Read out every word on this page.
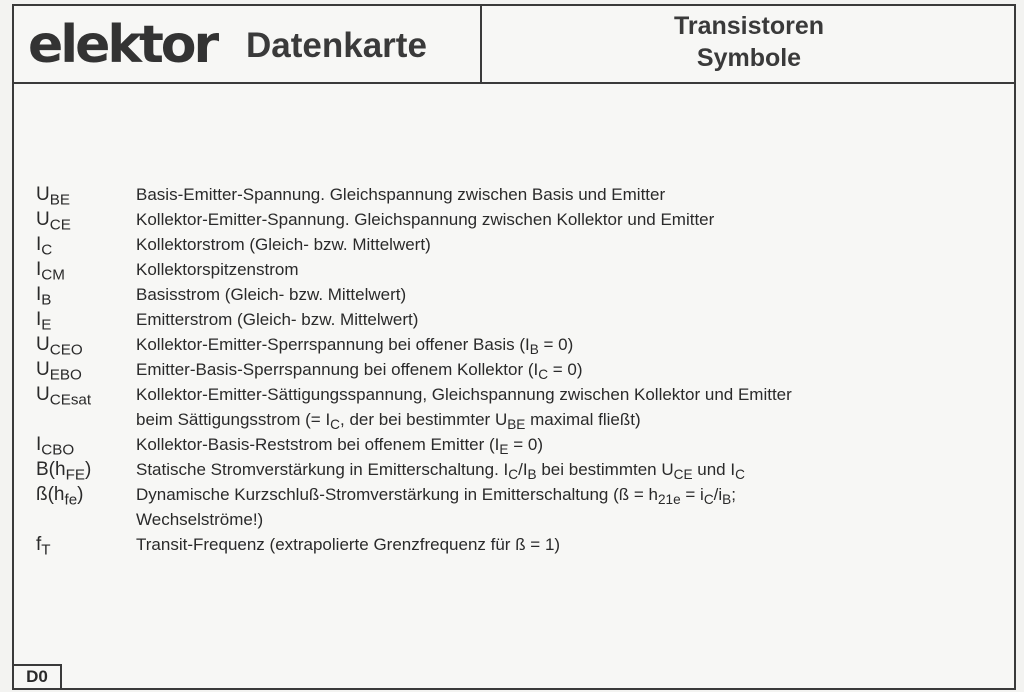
elektor Datenkarte	Transistoren
Symbole
$U_{BE}$	Basis-Emitter-Spannung. Gleichspannung zwischen Basis und Emitter
$U_{CE}$	Kollektor-Emitter-Spannung. Gleichspannung zwischen Kollektor und Emitter
$I_C$	Kollektorstrom (Gleich- bzw. Mittelwert)
$I_{CM}$	Kollektorspitzenstrom
$I_B$	Basisstrom (Gleich- bzw. Mittelwert)
$I_E$	Emitterstrom (Gleich- bzw. Mittelwert)
$U_{CEO}$	Kollektor-Emitter-Sperrspannung bei offener Basis $(I_B = 0)$
$U_{EBO}$	Emitter-Basis-Sperrspannung bei offenem Kollektor $(I_C = 0)$
$U_{CEsat}$	Kollektor-Emitter-Sättigungsspannung, Gleichspannung zwischen Kollektor und Emitter
beim Sättigungsstrom (= $I_C$, der bei bestimmter $U_{BE}$ maximal fließt)
$I_{CBO}$	Kollektor-Basis-Reststrom bei offenem Emitter $(I_E = 0)$
$B(h_{FE})$	Statische Stromverstärkung in Emitterschaltung. $I_C/I_B$ bei bestimmten $U_{CE}$ und $I_C$
$ß(h_{fe})$	Dynamische Kurzschluß-Stromverstärkung in Emitterschaltung (ß = $h_{21e} = i_C/i_B$;
Wechselströme!)
$f_T$	Transit-Frequenz (extrapolierte Grenzfrequenz für ß = 1)
D0
